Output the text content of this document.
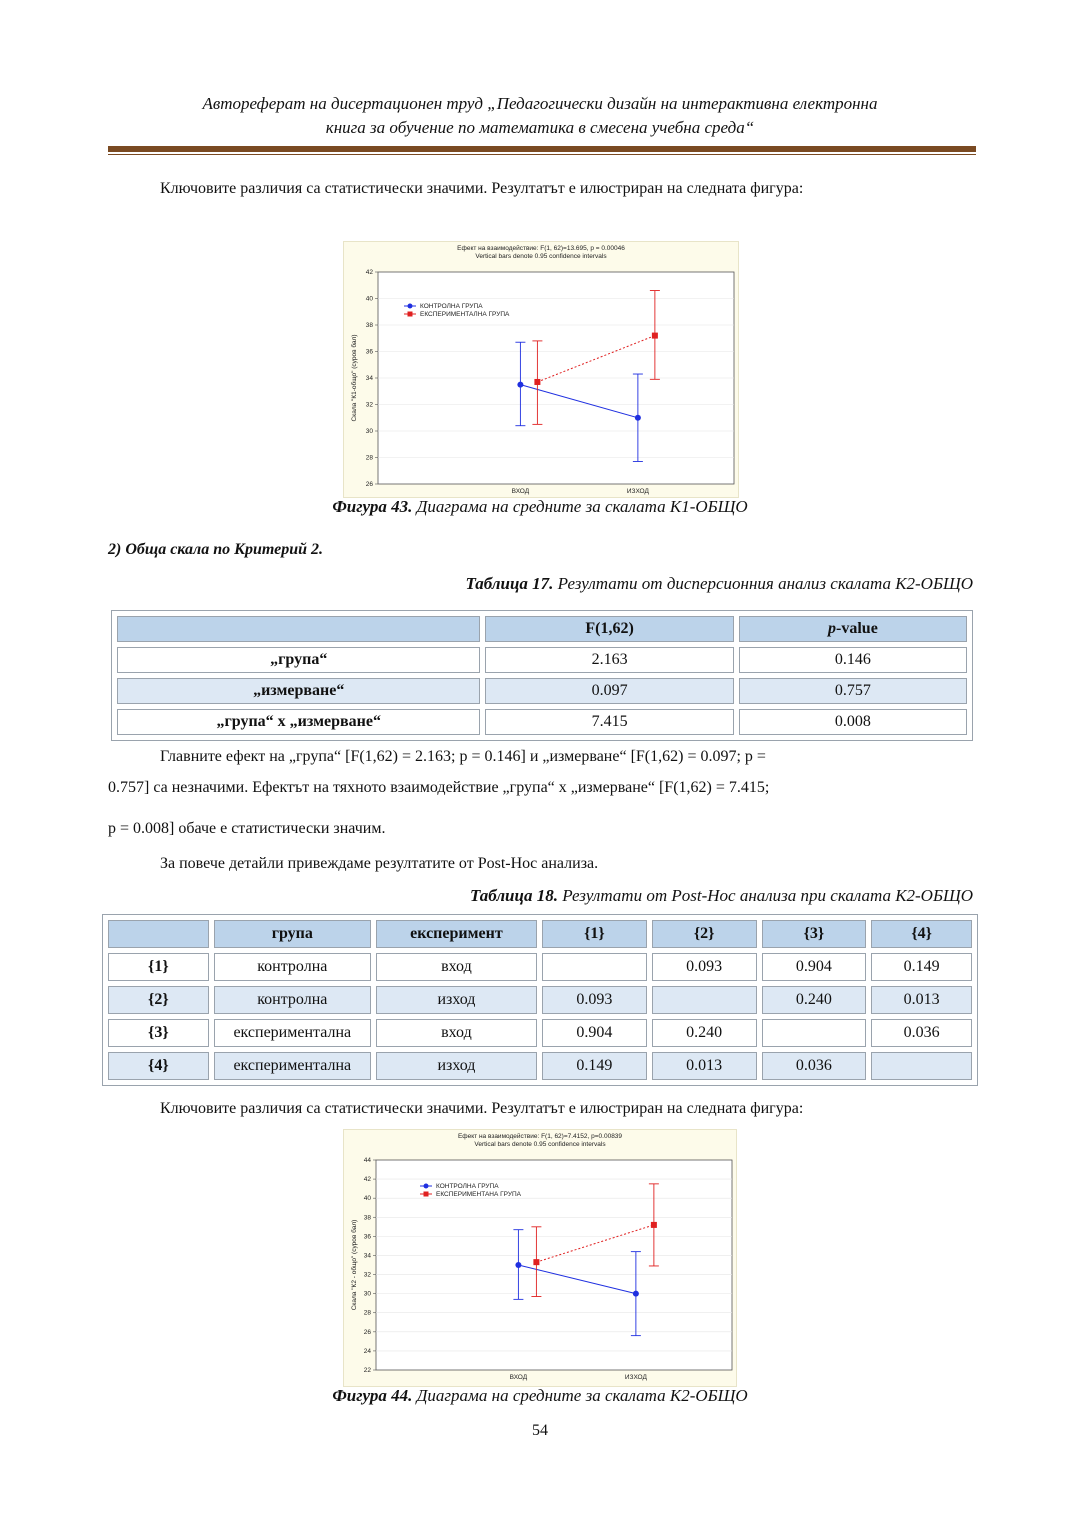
Автореферат на дисертационен труд „Педагогически дизайн на интерактивна електронна
книга за обучение по математика в смесена учебна среда“
Ключовите различия са статистически значими. Резултатът е илюстриран на следната фигура:
Ефект на взаимодействие: F(1, 62)=13.695, p = 0.00046
Vertical bars denote 0.95 confidence intervals
26
28
30
32
34
36
38
40
42
ВХОД	ИЗХОД
Скала "К1-общо" (суров бал)
КОНТРОЛНА ГРУПА
ЕКСПЕРИМЕНТАЛНА ГРУПА
Фигура 43. Диаграма на средните за скалата К1-ОБЩО
2) Обща скала по Критерий 2.
Таблица 17. Резултати от дисперсионния анализ скалата К2-ОБЩО
	F(1,62)	p-value
„група“	2.163	0.146
„измерване“	0.097	0.757
„група“ х „измерване“	7.415	0.008
Главните ефект на „група“ [F(1,62) = 2.163; p = 0.146] и „измерване“ [F(1,62) = 0.097; p =
0.757] са незначими. Ефектът на тяхното взаимодействие „група“ х „измерване“ [F(1,62) = 7.415;
p = 0.008] обаче е статистически значим.
За повече детайли привеждаме резултатите от Post-Hoc анализа.
Таблица 18. Резултати от Post-Hoc анализа при скалата К2-ОБЩО
	група	експеримент	{1}	{2}	{3}	{4}
{1}	контролна	вход		0.093	0.904	0.149
{2}	контролна	изход	0.093		0.240	0.013
{3}	експериментална	вход	0.904	0.240		0.036
{4}	експериментална	изход	0.149	0.013	0.036	
Ключовите различия са статистически значими. Резултатът е илюстриран на следната фигура:
Ефект на взаимодействие: F(1, 62)=7.4152, p=0.00839
Vertical bars denote 0.95 confidence intervals
22
24
26
28
30
32
34
36
38
40
42
44
ВХОД	ИЗХОД
Скала "К2 - общо" (суров бал)
КОНТРОЛНА ГРУПА
ЕКСПЕРИМЕНТАНА ГРУПА
Фигура 44. Диаграма на средните за скалата К2-ОБЩО
54
